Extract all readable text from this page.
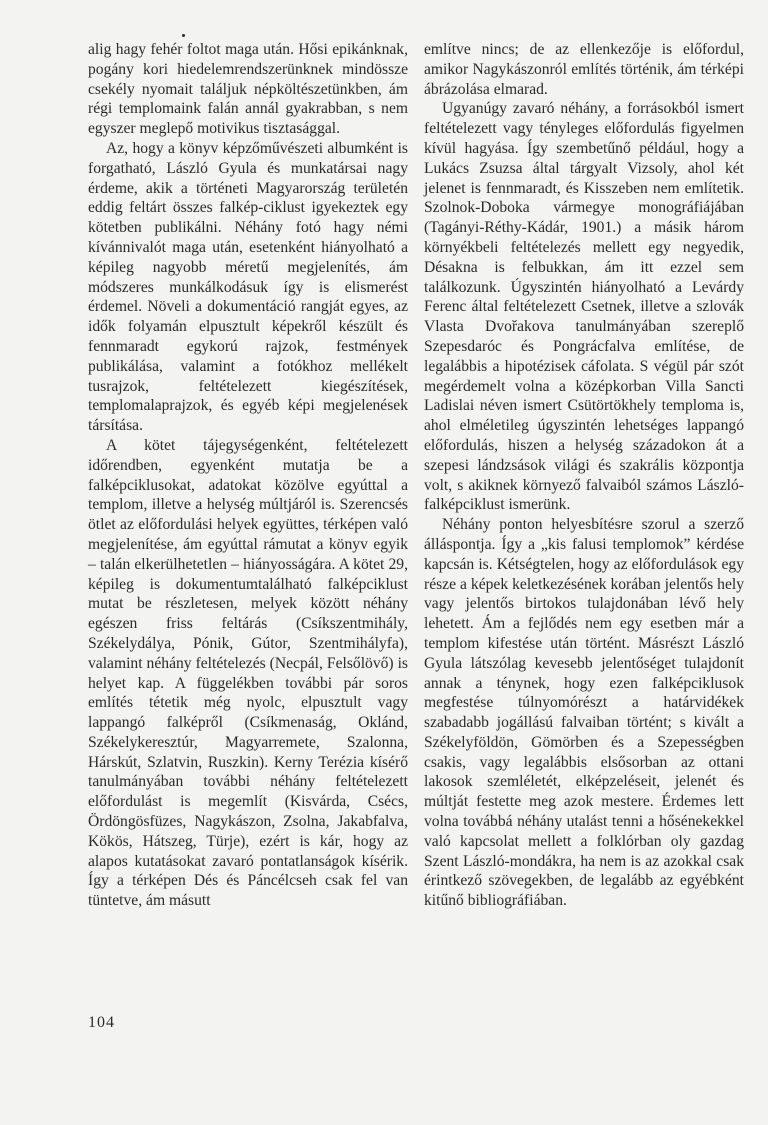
alig hagy fehér foltot maga után. Hősi epikánknak, pogány kori hiedelemrendszerünknek mindössze csekély nyomait találjuk népköltészetünkben, ám régi templomaink falán annál gyakrabban, s nem egyszer meglepő motivikus tisztasággal.

Az, hogy a könyv képzőművészeti albumként is forgatható, László Gyula és munkatársai nagy érdeme, akik a történeti Magyarország területén eddig feltárt összes falkép-ciklust igyekeztek egy kötetben publikálni. Néhány fotó hagy némi kívánnivalót maga után, esetenként hiányolható a képileg nagyobb méretű megjelenítés, ám módszeres munkálkodásuk így is elismerést érdemel. Növeli a dokumentáció rangját egyes, az idők folyamán elpusztult képekről készült és fennmaradt egykorú rajzok, festmények publikálása, valamint a fotókhoz mellékelt tusrajzok, feltételezett kiegészítések, templomalaprajzok, és egyéb képi megjelenések társítása.

A kötet tájegységenként, feltételezett időrendben, egyenként mutatja be a falképciklusokat, adatokat közölve egyúttal a templom, illetve a helység múltjáról is. Szerencsés ötlet az előfordulási helyek együttes, térképen való megjelenítése, ám egyúttal rámutat a könyv egyik – talán elkerülhetetlen – hiányosságára. A kötet 29, képileg is dokumentumtalálható falképciklust mutat be részletesen, melyek között néhány egészen friss feltárás (Csíkszentmihály, Székelydálya, Pónik, Gútor, Szentmihályfa), valamint néhány feltételezés (Necpál, Felsőlövő) is helyet kap. A függelékben további pár soros említés tétetik még nyolc, elpusztult vagy lappangó falképről (Csíkmenaság, Oklánd, Székelykeresztúr, Magyarremete, Szalonna, Hárskút, Szlatvin, Ruszkin). Kerny Terézia kísérő tanulmányában további néhány feltételezett előfordulást is megemlít (Kisvárda, Csécs, Ördöngösfüzes, Nagykászon, Zsolna, Jakabfalva, Kökös, Hátszeg, Türje), ezért is kár, hogy az alapos kutatásokat zavaró pontatlanságok kísérik. Így a térképen Dés és Páncélcseh csak fel van tüntetve, ám másutt

említve nincs; de az ellenkezője is előfordul, amikor Nagykászonról említés történik, ám térképi ábrázolása elmarad.

Ugyanúgy zavaró néhány, a forrásokból ismert feltételezett vagy tényleges előfordulás figyelmen kívül hagyása. Így szembetűnő például, hogy a Lukács Zsuzsa által tárgyalt Vizsoly, ahol két jelenet is fennmaradt, és Kisszeben nem említetik. Szolnok-Doboka vármegye monográfiájában (Tagányi-Réthy-Kádár, 1901.) a másik három környékbeli feltételezés mellett egy negyedik, Désakna is felbukkan, ám itt ezzel sem találkozunk. Úgyszintén hiányolható a Levárdy Ferenc által feltételezett Csetnek, illetve a szlovák Vlasta Dvořakova tanulmányában szereplő Szepesdaróc és Pongrácfalva említése, de legalábbis a hipotézisek cáfolata. S végül pár szót megérdemelt volna a középkorban Villa Sancti Ladislai néven ismert Csütörtökhely temploma is, ahol elméletileg úgyszintén lehetséges lappangó előfordulás, hiszen a helység századokon át a szepesi lándzsások világi és szakrális központja volt, s akiknek környező falvaiból számos László-falképciklust ismerünk.

Néhány ponton helyesbítésre szorul a szerző álláspontja. Így a „kis falusi templomok” kérdése kapcsán is. Kétségtelen, hogy az előfordulások egy része a képek keletkezésének korában jelentős hely vagy jelentős birtokos tulajdonában lévő hely lehetett. Ám a fejlődés nem egy esetben már a templom kifestése után történt. Másrészt László Gyula látszólag kevesebb jelentőséget tulajdonít annak a ténynek, hogy ezen falképciklusok megfestése túlnyomórészt a határvidékek szabadabb jogállású falvaiban történt; s kivált a Székelyföldön, Gömörben és a Szepességben csakis, vagy legalábbis elsősorban az ottani lakosok szemléletét, elképzeléseit, jelenét és múltját festette meg azok mestere. Érdemes lett volna továbbá néhány utalást tenni a hősénekekkel való kapcsolat mellett a folklórban oly gazdag Szent László-mondákra, ha nem is az azokkal csak érintkező szövegekben, de legalább az egyébként kitűnő bibliográfiában.

104
